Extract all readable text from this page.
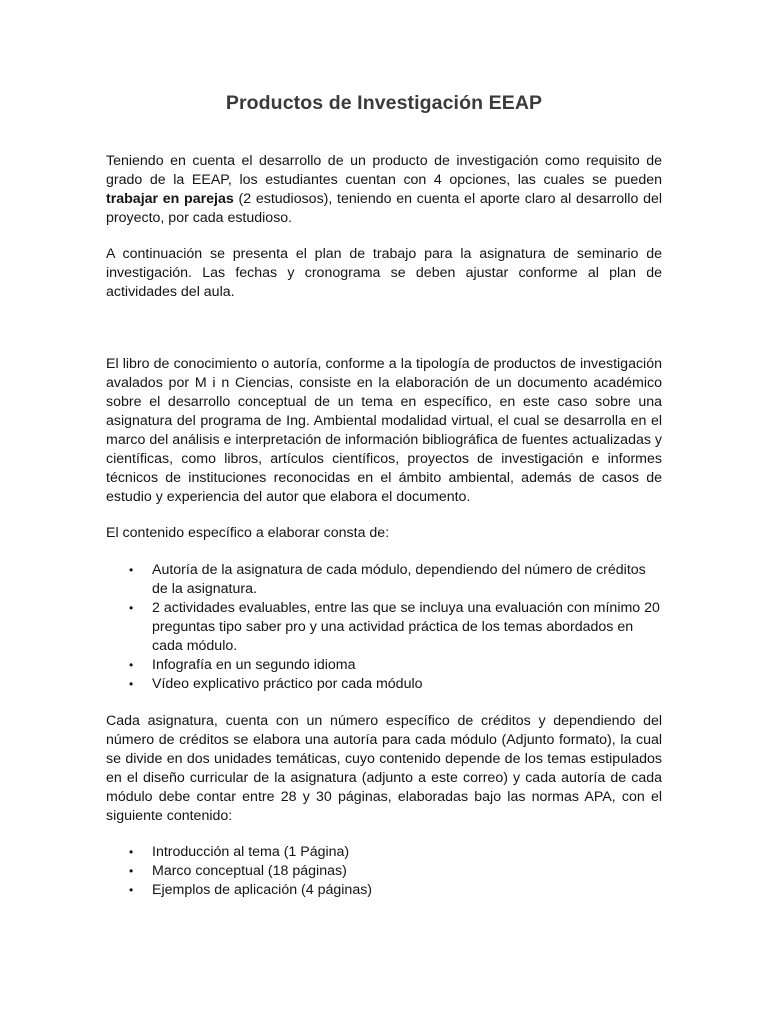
Productos de Investigación EEAP

Teniendo en cuenta el desarrollo de un producto de investigación como requisito de grado de la EEAP, los estudiantes cuentan con 4 opciones, las cuales se pueden trabajar en parejas (2 estudiosos), teniendo en cuenta el aporte claro al desarrollo del proyecto, por cada estudioso.

A continuación se presenta el plan de trabajo para la asignatura de seminario de investigación. Las fechas y cronograma se deben ajustar conforme al plan de actividades del aula.

El libro de conocimiento o autoría, conforme a la tipología de productos de investigación avalados por M i n Ciencias, consiste en la elaboración de un documento académico sobre el desarrollo conceptual de un tema en específico, en este caso sobre una asignatura del programa de Ing. Ambiental modalidad virtual, el cual se desarrolla en el marco del análisis e interpretación de información bibliográfica de fuentes actualizadas y científicas, como libros, artículos científicos, proyectos de investigación e informes técnicos de instituciones reconocidas en el ámbito ambiental, además de casos de estudio y experiencia del autor que elabora el documento.

El contenido específico a elaborar consta de:

• Autoría de la asignatura de cada módulo, dependiendo del número de créditos de la asignatura.
• 2 actividades evaluables, entre las que se incluya una evaluación con mínimo 20 preguntas tipo saber pro y una actividad práctica de los temas abordados en cada módulo.
• Infografía en un segundo idioma
• Vídeo explicativo práctico por cada módulo

Cada asignatura, cuenta con un número específico de créditos y dependiendo del número de créditos se elabora una autoría para cada módulo (Adjunto formato), la cual se divide en dos unidades temáticas, cuyo contenido depende de los temas estipulados en el diseño curricular de la asignatura (adjunto a este correo) y cada autoría de cada módulo debe contar entre 28 y 30 páginas, elaboradas bajo las normas APA, con el siguiente contenido:

• Introducción al tema (1 Página)
• Marco conceptual (18 páginas)
• Ejemplos de aplicación (4 páginas)
